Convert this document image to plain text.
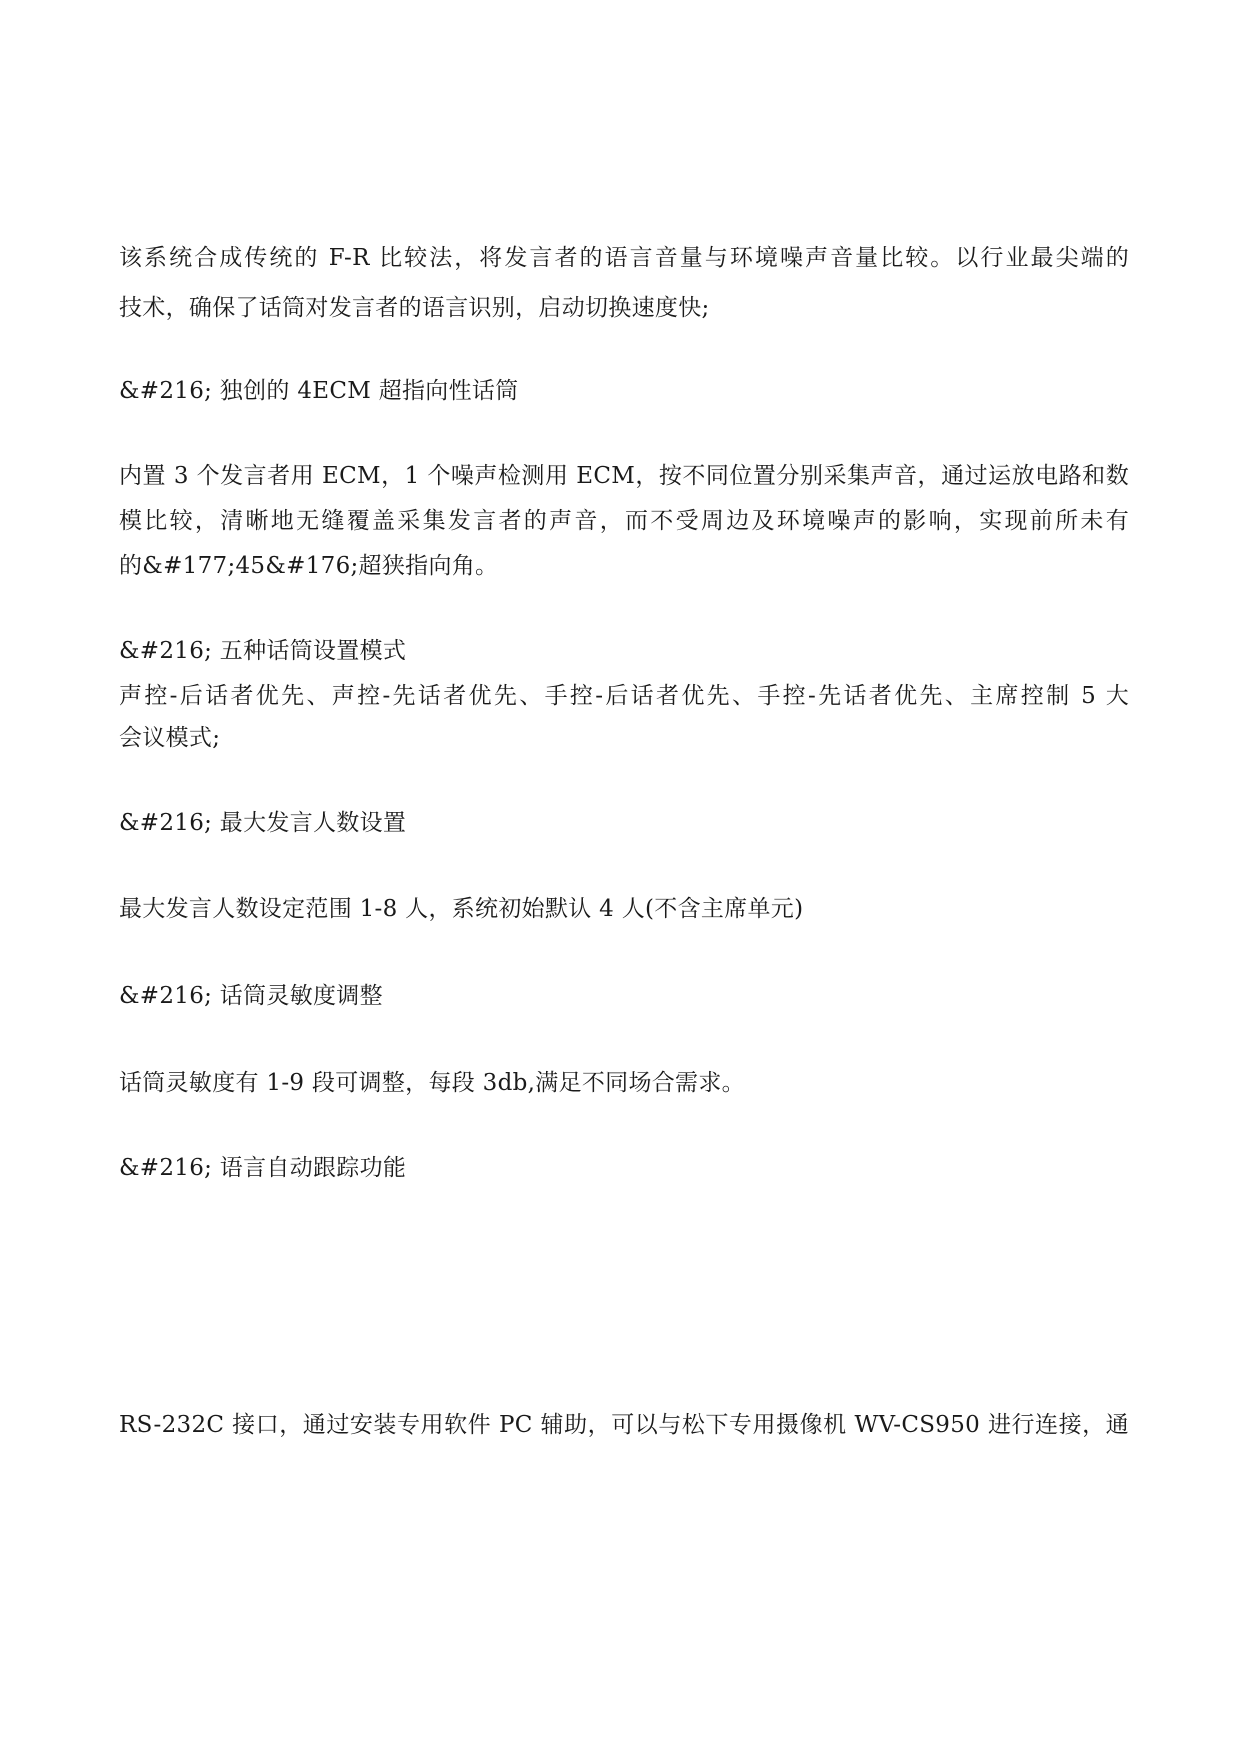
该系统合成传统的 F-R 比较法，将发言者的语言音量与环境噪声音量比较。以行业最尖端的
技术，确保了话筒对发言者的语言识别，启动切换速度快;
&#216; 独创的 4ECM 超指向性话筒
内置 3 个发言者用 ECM，1 个噪声检测用 ECM，按不同位置分别采集声音，通过运放电路和数
模比较，清晰地无缝覆盖采集发言者的声音，而不受周边及环境噪声的影响，实现前所未有
的&#177;45&#176;超狭指向角。
&#216; 五种话筒设置模式
声控-后话者优先、声控-先话者优先、手控-后话者优先、手控-先话者优先、主席控制 5 大
会议模式;
&#216; 最大发言人数设置
最大发言人数设定范围 1-8 人，系统初始默认 4 人(不含主席单元)
&#216; 话筒灵敏度调整
话筒灵敏度有 1-9 段可调整，每段 3db,满足不同场合需求。
&#216; 语言自动跟踪功能
RS-232C 接口，通过安装专用软件 PC 辅助，可以与松下专用摄像机 WV-CS950 进行连接，通
